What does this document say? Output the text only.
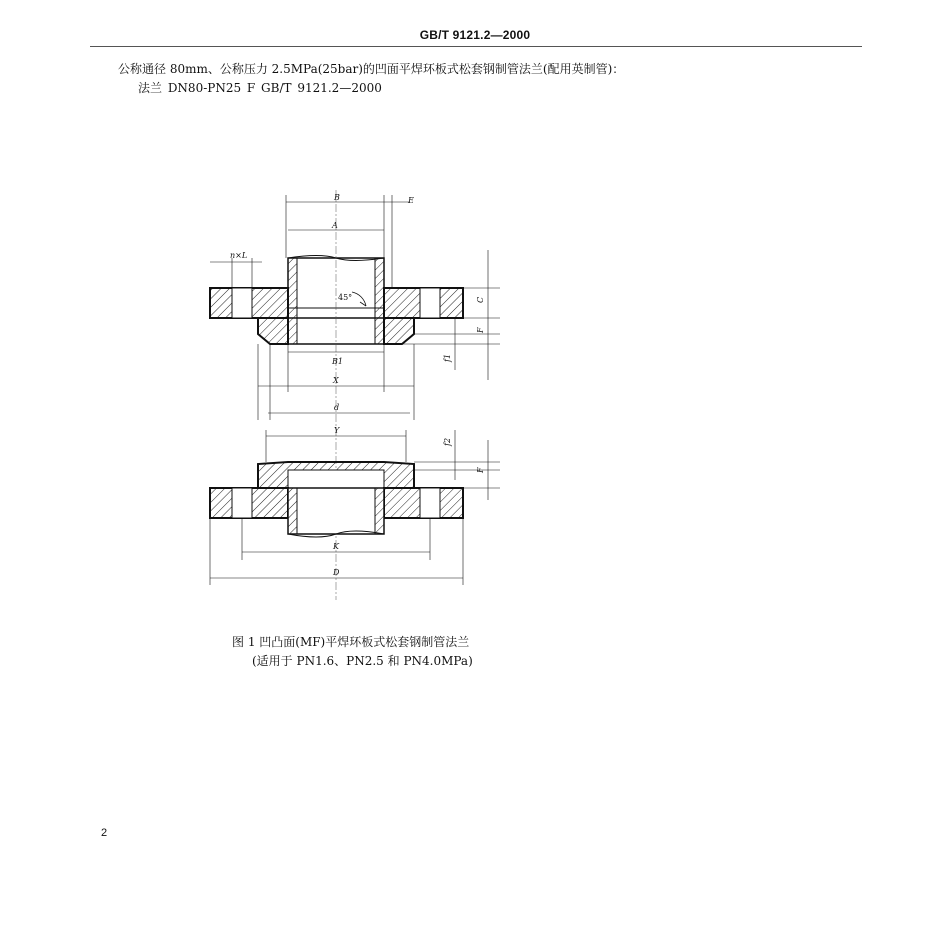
GB/T 9121.2—2000
公称通径 80mm、公称压力 2.5MPa(25bar)的凹面平焊环板式松套钢制管法兰(配用英制管)：
法兰 DN80-PN25 F GB/T 9121.2—2000
B	E
A
n×L
45°	C
F
f1
B1
X
d
Y
f2
F
K
D
图 1 凹凸面(MF)平焊环板式松套钢制管法兰
(适用于 PN1.6、PN2.5 和 PN4.0MPa)
2
